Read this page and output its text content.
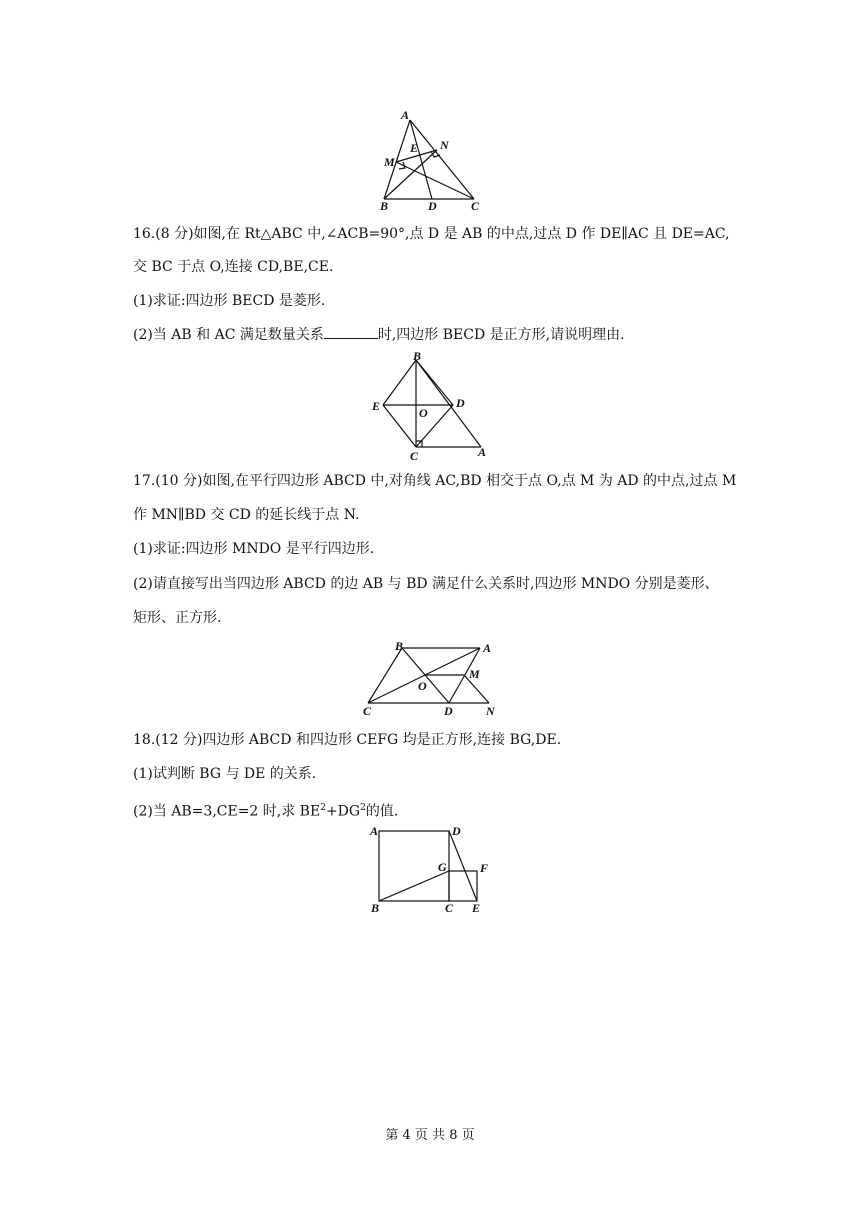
A
M
E N
B	D	C
16.(8 分)如图,在 Rt△ABC 中,∠ACB=90°,点 D 是 AB 的中点,过点 D 作 DE∥AC 且 DE=AC,
交 BC 于点 O,连接 CD,BE,CE.
(1)求证:四边形 BECD 是菱形.
(2)当 AB 和 AC 满足数量关系	时,四边形 BECD 是正方形,请说明理由.
B
E	O
D
C	A
17.(10 分)如图,在平行四边形 ABCD 中,对角线 AC,BD 相交于点 O,点 M 为 AD 的中点,过点 M
作 MN∥BD 交 CD 的延长线于点 N.
(1)求证:四边形 MNDO 是平行四边形.
(2)请直接写出当四边形 ABCD 的边 AB 与 BD 满足什么关系时,四边形 MNDO 分别是菱形、
矩形、正方形.
B	A
O
M
C	D	N
18.(12 分)四边形 ABCD 和四边形 CEFG 均是正方形,连接 BG,DE.
(1)试判断 BG 与 DE 的关系.
(2)当 AB=3,CE=2 时,求 $BE^2+DG^2$的值.
A	D
G	F
B	C E
第 4 页 共 8 页
